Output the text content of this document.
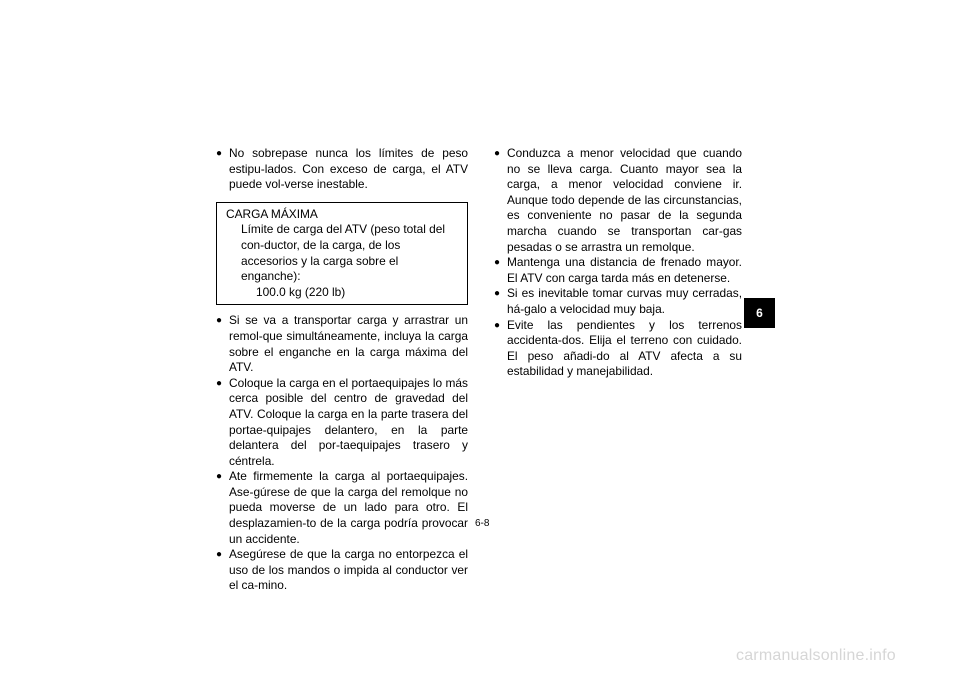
● No sobrepase nunca los límites de peso estipu-lados. Con exceso de carga, el ATV puede vol-verse inestable.

CARGA MÁXIMA
Límite de carga del ATV (peso total del con-ductor, de la carga, de los accesorios y la carga sobre el enganche):
100.0 kg (220 lb)
● Si se va a transportar carga y arrastrar un remol-que simultáneamente, incluya la carga sobre el enganche en la carga máxima del ATV.

● Coloque la carga en el portaequipajes lo más cerca posible del centro de gravedad del ATV. Coloque la carga en la parte trasera del portae-quipajes delantero, en la parte delantera del por-taequipajes trasero y céntrela.

● Ate firmemente la carga al portaequipajes. Ase-gúrese de que la carga del remolque no pueda moverse de un lado para otro. El desplazamien-to de la carga podría provocar un accidente.

● Asegúrese de que la carga no entorpezca el uso de los mandos o impida al conductor ver el ca-mino.

● Conduzca a menor velocidad que cuando no se lleva carga. Cuanto mayor sea la carga, a menor velocidad conviene ir. Aunque todo depende de las circunstancias, es conveniente no pasar de la segunda marcha cuando se transportan car-gas pesadas o se arrastra un remolque.

● Mantenga una distancia de frenado mayor. El ATV con carga tarda más en detenerse.

● Si es inevitable tomar curvas muy cerradas, há-galo a velocidad muy baja.

● Evite las pendientes y los terrenos accidenta-dos. Elija el terreno con cuidado. El peso añadi-do al ATV afecta a su estabilidad y manejabilidad.

6
6-8
carmanualsonline.info
